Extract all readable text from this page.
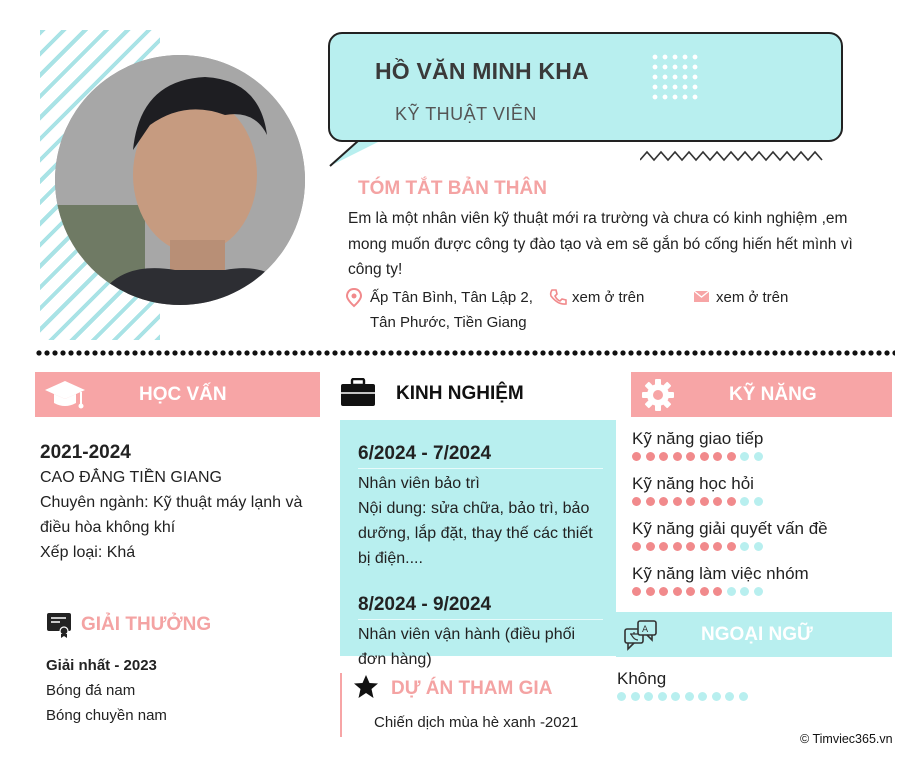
HỒ VĂN MINH KHA
KỸ THUẬT VIÊN
TÓM TẮT BẢN THÂN
Em là một nhân viên kỹ thuật mới ra trường và chưa có kinh nghiệm ,em mong muốn được công ty đào tạo và em sẽ gắn bó cống hiến hết mình vì công ty!
Ấp Tân Bình, Tân Lập 2,
Tân Phước, Tiền Giang
xem ở trên	xem ở trên
HỌC VẤN
2021-2024
CAO ĐẲNG TIỀN GIANG
Chuyên ngành: Kỹ thuật máy lạnh và điều hòa không khí
Xếp loại: Khá
GIẢI THƯỞNG
Giải nhất - 2023
Bóng đá nam
Bóng chuyền nam
KINH NGHIỆM
6/2024 - 7/2024
Nhân viên bảo trì
Nội dung: sửa chữa, bảo trì, bảo dưỡng, lắp đặt, thay thế các thiết bị điện....
8/2024 - 9/2024
Nhân viên vận hành (điều phối đơn hàng)
DỰ ÁN THAM GIA
Chiến dịch mùa hè xanh -2021
KỸ NĂNG
Kỹ năng giao tiếp
Kỹ năng học hỏi
Kỹ năng giải quyết vấn đề
Kỹ năng làm việc nhóm
A	NGOẠI NGỮ
Không
© Timviec365.vn
